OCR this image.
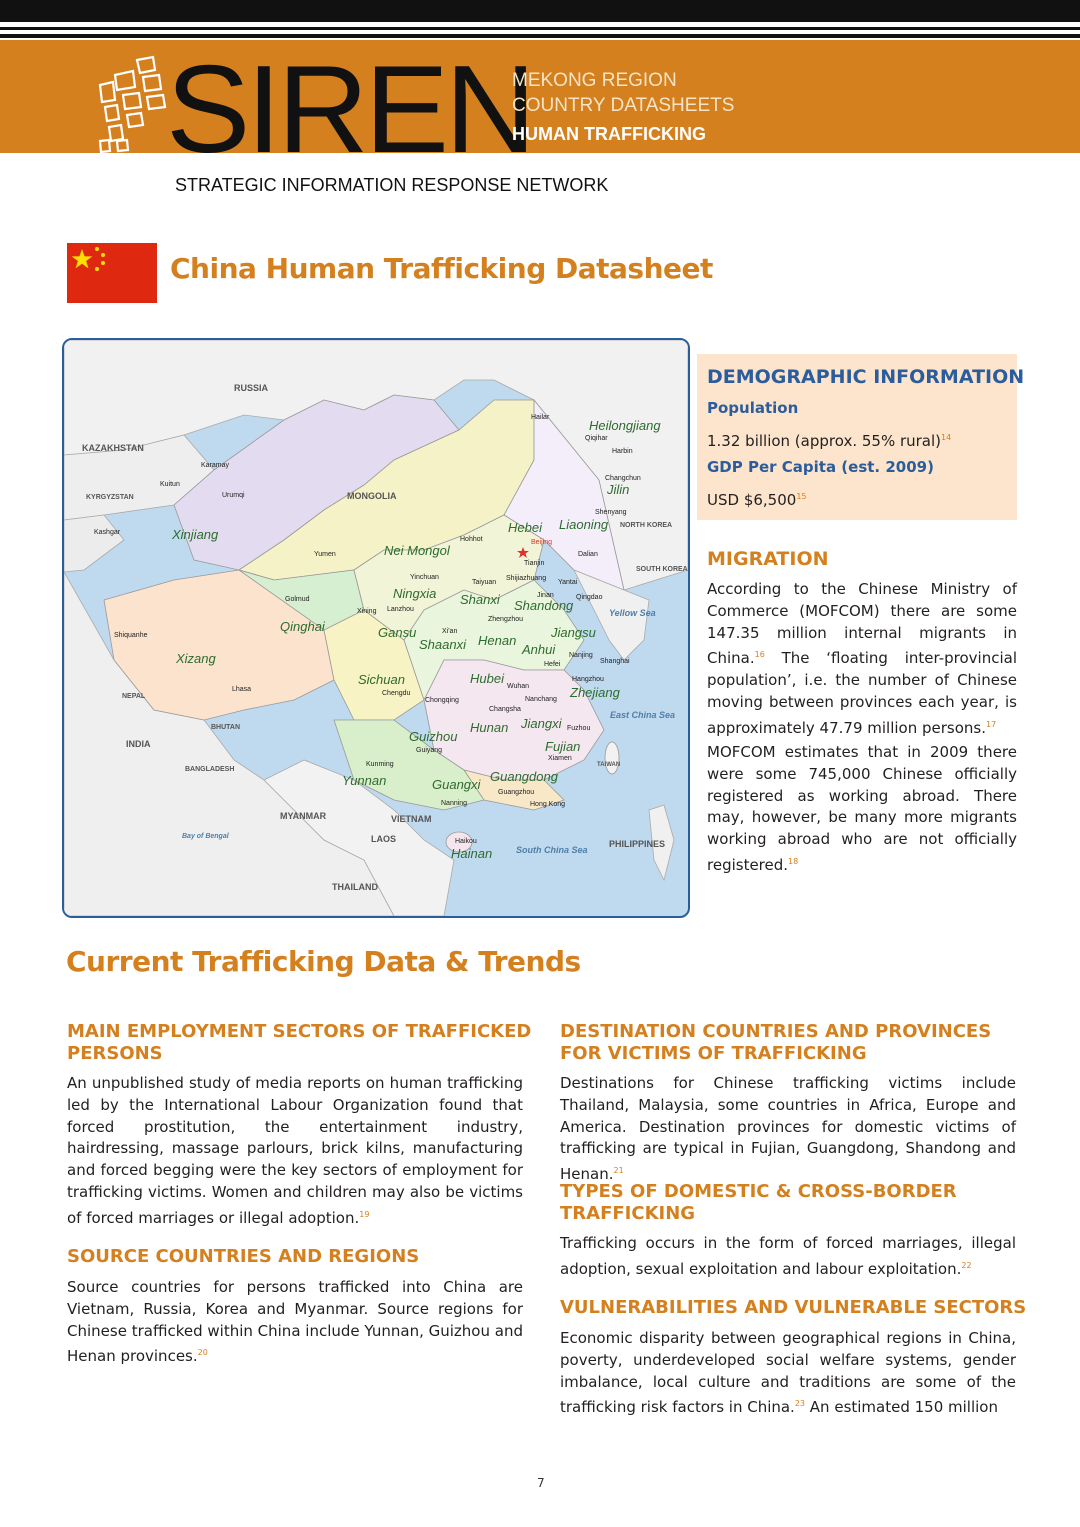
SIREN
MEKONG REGION
COUNTRY DATASHEETS
HUMAN TRAFFICKING
STRATEGIC INFORMATION RESPONSE NETWORK
China Human Trafficking Datasheet
RUSSIA
KAZAKHSTAN
KYRGYZSTAN	MONGOLIA
NORTH KOREA
SOUTH KOREA
NEPAL
BHUTAN
INDIA
BANGLADESH
MYANMAR
LAOS
VIETNAM
THAILAND
PHILIPPINES
TAIWAN
Heilongjiang
Jilin
Liaoning
Hebei
Nei Mongol
Xinjiang
Qinghai
Xizang
Gansu
Ningxia Shanxi Shandong
Henan
Jiangsu
Anhui
Shaanxi
Sichuan	Hubei
Zhejiang
Hunan Jiangxi
Guizhou
Fujian
Yunnan	Guangxi
Guangdong
Hainan
Hailar
Qiqihar
Harbin
Changchun
Shenyang
Dalian
Beijing
Tianjin
Shijiazhuang
Jinan	Qingdao
Yantai
Taiyuan
Hohhot
Yinchuan
Lanzhou
Xining
Golmud
Karamay
Kuitun
Urumqi
Kashgar
Shiquanhe
Lhasa
Yumen
Xi'an
Zhengzhou
Hefei
Nanjing
Shanghai
Hangzhou
Wuhan
Chengdu
Chongqing
Changsha
Nanchang
Fuzhou
Xiamen
Guiyang
Kunming
Nanning
Guangzhou
Hong Kong
Haikou
Yellow Sea
East China Sea
South China Sea
Bay of Bengal
DEMOGRAPHIC INFORMATION
Population
1.32 billion (approx. 55% rural)$^{14}$
GDP Per Capita (est. 2009)
USD $6,500$^{15}$
MIGRATION
According to the Chinese Ministry of Commerce (MOFCOM) there are some 147.35 million internal migrants in China.$^{16}$ The ‘floating inter-provincial population’, i.e. the number of Chinese moving between provinces each year, is approximately 47.79 million persons.$^{17}$
MOFCOM estimates that in 2009 there were some 745,000 Chinese officially registered as working abroad. There may, however, be many more migrants working abroad who are not officially registered.$^{18}$
Current Trafficking Data & Trends
MAIN EMPLOYMENT SECTORS OF TRAFFICKED PERSONS
An unpublished study of media reports on human trafficking led by the International Labour Organization found that forced prostitution, the entertainment industry, hairdressing, massage parlours, brick kilns, manufacturing and forced begging were the key sectors of employment for trafficking victims. Women and children may also be victims of forced marriages or illegal adoption.$^{19}$
SOURCE COUNTRIES AND REGIONS
Source countries for persons trafficked into China are Vietnam, Russia, Korea and Myanmar. Source regions for Chinese trafficked within China include Yunnan, Guizhou and Henan provinces.$^{20}$
DESTINATION COUNTRIES AND PROVINCES FOR VICTIMS OF TRAFFICKING
Destinations for Chinese trafficking victims include Thailand, Malaysia, some countries in Africa, Europe and America. Destination provinces for domestic victims of trafficking are typical in Fujian, Guangdong, Shandong and Henan.$^{21}$
TYPES OF DOMESTIC & CROSS-BORDER TRAFFICKING
Trafficking occurs in the form of forced marriages, illegal adoption, sexual exploitation and labour exploitation.$^{22}$
VULNERABILITIES AND VULNERABLE SECTORS
Economic disparity between geographical regions in China, poverty, underdeveloped social welfare systems, gender imbalance, local culture and traditions are some of the trafficking risk factors in China.$^{23}$ An estimated 150 million
7
